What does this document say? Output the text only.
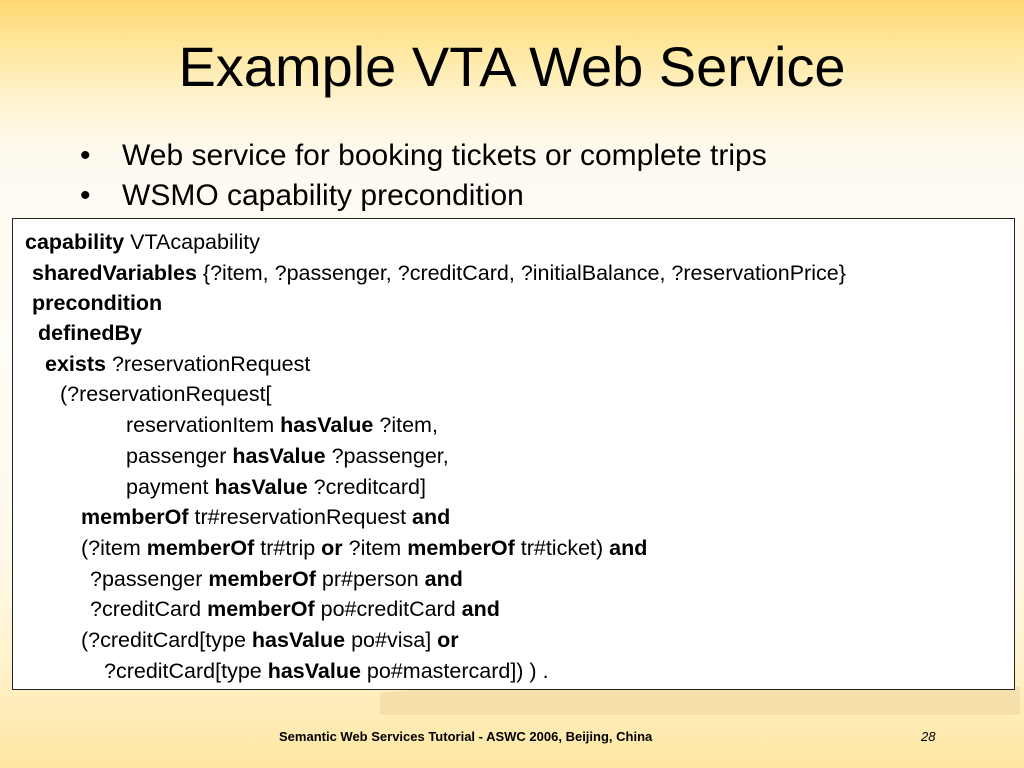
Example VTA Web Service
• Web service for booking tickets or complete trips
• WSMO capability precondition
capability VTAcapability
sharedVariables {?item, ?passenger, ?creditCard, ?initialBalance, ?reservationPrice}
precondition
definedBy
exists ?reservationRequest
(?reservationRequest[
reservationItem hasValue ?item,
passenger hasValue ?passenger,
payment hasValue ?creditcard]
memberOf tr#reservationRequest and
(?item memberOf tr#trip or ?item memberOf tr#ticket) and
?passenger memberOf pr#person and
?creditCard memberOf po#creditCard and
(?creditCard[type hasValue po#visa] or
?creditCard[type hasValue po#mastercard]) ) .
Semantic Web Services Tutorial - ASWC 2006, Beijing, China	28
